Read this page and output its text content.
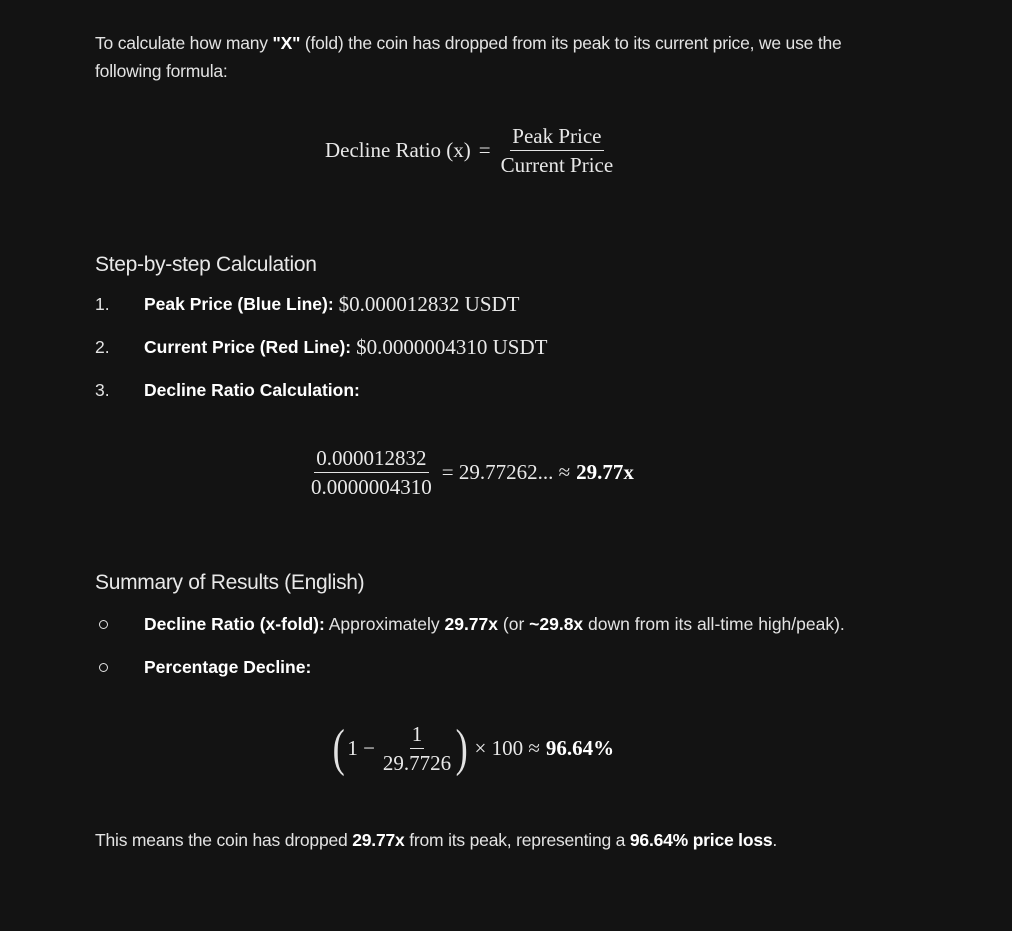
To calculate how many "X" (fold) the coin has dropped from its peak to its current price, we use the following formula:

Decline Ratio $(x) = \frac{\text{Peak Price}}{\text{Current Price}}$
Step-by-step Calculation
1.	Peak Price (Blue Line): $0.000012832 USDT
2.	Current Price (Red Line): $0.0000004310 USDT
3.	Decline Ratio Calculation:
$\frac{0.000012832}{0.0000004310} = 29.77262$... ≈ 29.77x
Summary of Results (English)
Decline Ratio (x-fold): Approximately 29.77x (or ~29.8x down from its all-time high/peak).
Percentage Decline:
( $1 - \frac{1}{29.7726}$ ) × 100 ≈ 96.64%

This means the coin has dropped 29.77x from its peak, representing a 96.64% price loss.
